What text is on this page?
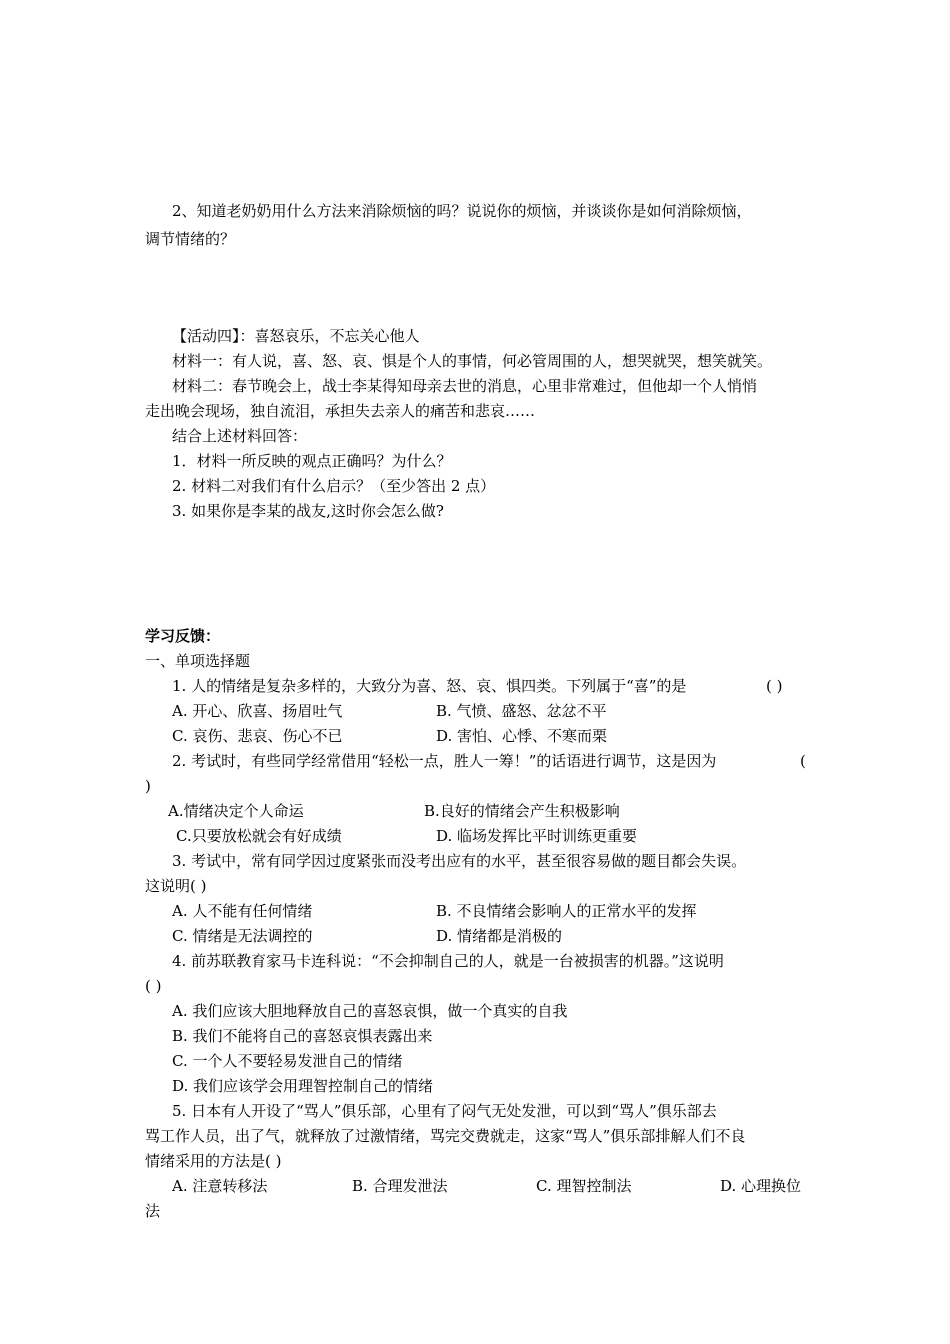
2、知道老奶奶用什么方法来消除烦恼的吗？说说你的烦恼，并谈谈你是如何消除烦恼，
调节情绪的？
【活动四】：喜怒哀乐，不忘关心他人
材料一：有人说，喜、怒、哀、惧是个人的事情，何必管周围的人，想哭就哭，想笑就笑。
材料二：春节晚会上，战士李某得知母亲去世的消息，心里非常难过，但他却一个人悄悄
走出晚会现场，独自流泪，承担失去亲人的痛苦和悲哀……
结合上述材料回答：
1．材料一所反映的观点正确吗？为什么？
2. 材料二对我们有什么启示？（至少答出 2 点）
3. 如果你是李某的战友,这时你会怎么做?
学习反馈：
一、单项选择题
1. 人的情绪是复杂多样的，大致分为喜、怒、哀、惧四类。下列属于“喜”的是	( )
A. 开心、欣喜、扬眉吐气	B. 气愤、盛怒、忿忿不平
C. 哀伤、悲哀、伤心不已	D. 害怕、心悸、不寒而栗
2. 考试时，有些同学经常借用“轻松一点，胜人一筹！”的话语进行调节，这是因为	(
)
A.情绪决定个人命运	B.良好的情绪会产生积极影响
C.只要放松就会有好成绩	D. 临场发挥比平时训练更重要
3. 考试中，常有同学因过度紧张而没考出应有的水平，甚至很容易做的题目都会失误。
这说明( )
A. 人不能有任何情绪	B. 不良情绪会影响人的正常水平的发挥
C. 情绪是无法调控的	D. 情绪都是消极的
4. 前苏联教育家马卡连科说：“不会抑制自己的人，就是一台被损害的机器。”这说明
( )
A. 我们应该大胆地释放自己的喜怒哀惧，做一个真实的自我
B. 我们不能将自己的喜怒哀惧表露出来
C. 一个人不要轻易发泄自己的情绪
D. 我们应该学会用理智控制自己的情绪
5. 日本有人开设了“骂人”俱乐部，心里有了闷气无处发泄，可以到“骂人”俱乐部去
骂工作人员，出了气，就释放了过激情绪，骂完交费就走，这家“骂人”俱乐部排解人们不良
情绪采用的方法是( )
A. 注意转移法	B. 合理发泄法	C. 理智控制法	D. 心理换位
法
